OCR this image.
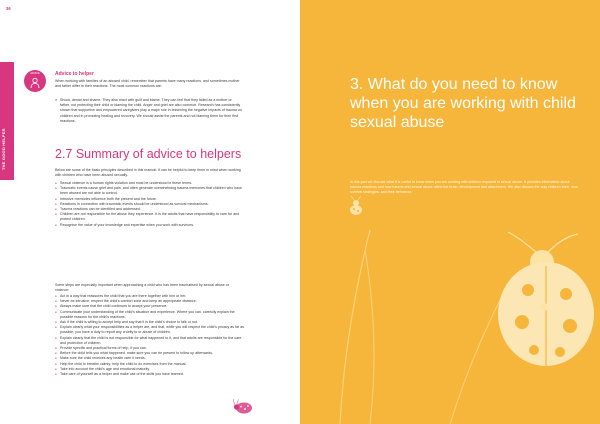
36
THE GOOD HELPER
ADVICE	Advice to helper
When working with families of an abused child, remember that parents have many reactions, and sometimes mother and father differ in their reactions. The most common reactions are:
● Shock, denial and shame. They also react with guilt and blame. They can feel that they failed as a mother or father, not protecting their child or blaming the child. Anger and grief are also common. Research has consistently shown that supportive and empowered caregivers play a major role in lessening the negative impacts of trauma on children and in promoting healing and recovery. We should assist the parents and not blaming them for their first reactions.
2.7 Summary of advice to helpers
Below are some of the basic principles described in this manual. It can be helpful to keep them in mind when working with children who have been abused sexually.
● Sexual violence is a human rights violation and must be understood in these terms.
● Traumatic events cause grief and pain, and often generate overwhelming trauma memories that children who have been abused are not able to control.
● Intrusive memories influence both the present and the future.
● Reactions in connection with traumatic events should be understood as survival mechanisms.
● Trauma reactions can be identified and addressed.
● Children are not responsible for the abuse they experience. It is the adults that have responsibility to care for and protect children.
● Recognise the value of your knowledge and expertise when you work with survivors.
Some steps are especially important when approaching a child who has been traumatised by sexual abuse or violence:
● Act in a way that reassures the child that you are there together with him or her.
● Never be intrusive; respect the child's comfort zone and keep an appropriate distance.
● Always make sure that the child continues to accept your presence.
● Communicate your understanding of the child's situation and experience. Where you can, carefully explain the possible reasons for the child's reactions.
● Ask if the child is willing to accept help and say that it is the child's choice to talk or not.
● Explain clearly what your responsibilities as a helper are, and that, while you will respect the child's privacy as far as possible, you have a duty to report any cruelty to or abuse of children.
● Explain clearly that the child is not responsible for what happened to it, and that adults are responsible for the care and protection of children.
● Provide specific and practical forms of help, if you can.
● Before the child tells you what happened, make sure you can be present to follow up afterwards.
● Make sure the child receives any health care it needs.
● Help the child to breathe calmly; help the child to do exercises from the manual.
● Take into account the child's age and emotional maturity.
● Take care of yourself as a helper and make use of the skills you have learned.
3. What do you need to know when you are working with child sexual abuse
In this part we discuss what it is useful to know when you are working with children exposed to sexual abuse. It provides information about trauma reactions and how trauma and sexual abuse affect the brain, development and attachment. We also discuss the way children think, how survival strategies, and their behaviour.
